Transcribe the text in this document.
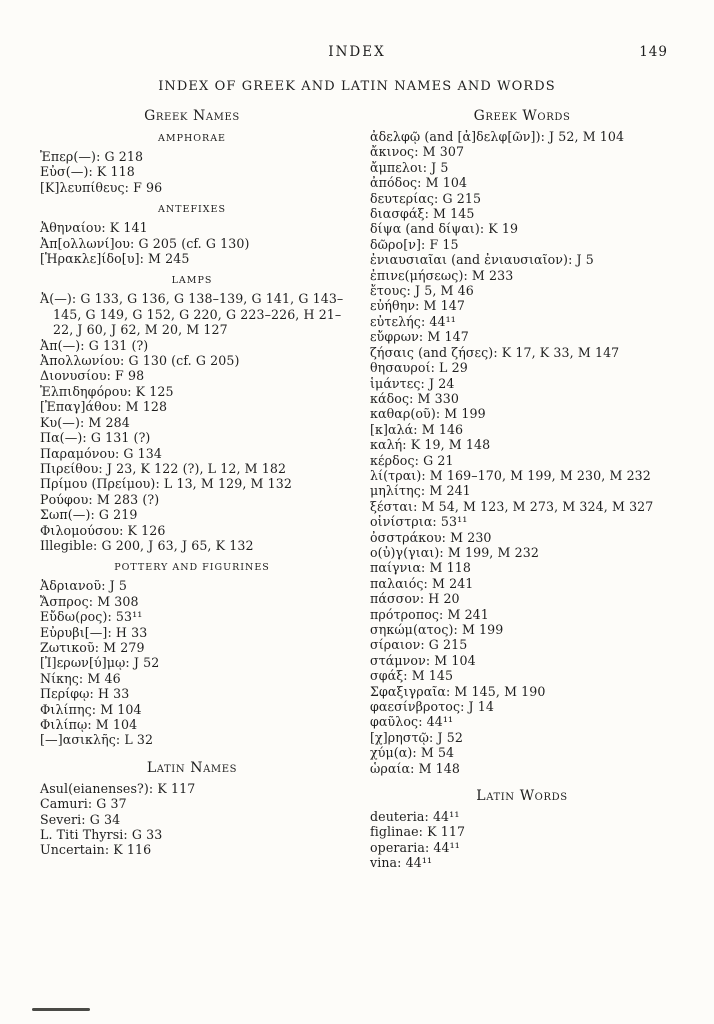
INDEX	149
INDEX OF GREEK AND LATIN NAMES AND WORDS
Greek Names
AMPHORAE
Ἐπερ(—): G 218
Εὐσ(—): K 118
[Κ]λευπίθευς: F 96
ANTEFIXES
Ἀθηναίου: K 141
Ἀπ[ολλωνί]ου: G 205 (cf. G 130)
[Ἡρακλε]ίδο[υ]: M 245
LAMPS
Ἀ(—): G 133, G 136, G 138–139, G 141, G 143–145, G 149, G 152, G 220, G 223–226, H 21–22, J 60, J 62, M 20, M 127
Ἀπ(—): G 131 (?)
Ἀπολλωνίου: G 130 (cf. G 205)
Διονυσίου: F 98
Ἐλπιδηφόρου: K 125
[Ἐπαγ]άθου: M 128
Κυ(—): M 284
Πα(—): G 131 (?)
Παραμόνου: G 134
Πιρείθου: J 23, K 122 (?), L 12, M 182
Πρίμου (Πρείμου): L 13, M 129, M 132
Ρούφου: M 283 (?)
Σωπ(—): G 219
Φιλομούσου: K 126
Illegible: G 200, J 63, J 65, K 132
POTTERY AND FIGURINES
Ἀδριανοῦ: J 5
Ἄσπρος: M 308
Εὔδω(ρος): 53¹¹
Εὐρυβι[—]: H 33
Ζωτικοῦ: M 279
[Ἰ]ερων[ύ]μῳ: J 52
Νίκης: M 46
Περίφῳ: H 33
Φιλίπης: M 104
Φιλίπῳ: M 104
[—]ασικλῆς: L 32
Latin Names
Asul(eianenses?): K 117
Camuri: G 37
Severi: G 34
L. Titi Thyrsi: G 33
Uncertain: K 116
Greek Words
ἀδελφῷ (and [ἀ]δελφ[ῶν]): J 52, M 104
ἄκινος: M 307
ἄμπελοι: J 5
ἀπόδος: M 104
δευτερίας: G 215
διασφάξ: M 145
δίψα (and δίψαι): K 19
δῶρο[ν]: F 15
ἐνιαυσιαῖαι (and ἐνιαυσιαῖον): J 5
ἐπινε(μήσεως): M 233
ἔτους: J 5, M 46
εὐήθην: M 147
εὐτελής: 44¹¹
εὔφρων: M 147
ζήσαις (and ζήσες): K 17, K 33, M 147
θησαυροί: L 29
ἱμάντες: J 24
κάδος: M 330
καθαρ(οῦ): M 199
[κ]αλά: M 146
καλή: K 19, M 148
κέρδος: G 21
λί(τραι): M 169–170, M 199, M 230, M 232
μηλίτης: M 241
ξέσται: M 54, M 123, M 273, M 324, M 327
οἰνίστρια: 53¹¹
ὀσστράκου: M 230
ο(ὐ)γ(γιαι): M 199, M 232
παίγνια: M 118
παλαιός: M 241
πάσσον: H 20
πρότροπος: M 241
σηκώμ(ατος): M 199
σίραιον: G 215
στάμνον: M 104
σφάξ: M 145
Σφαξιγραῖα: M 145, M 190
φαεσίνβροτος: J 14
φαῦλος: 44¹¹
[χ]ρηστῷ: J 52
χύμ(α): M 54
ὡραία: M 148
Latin Words
deuteria: 44¹¹
figlinae: K 117
operaria: 44¹¹
vina: 44¹¹
